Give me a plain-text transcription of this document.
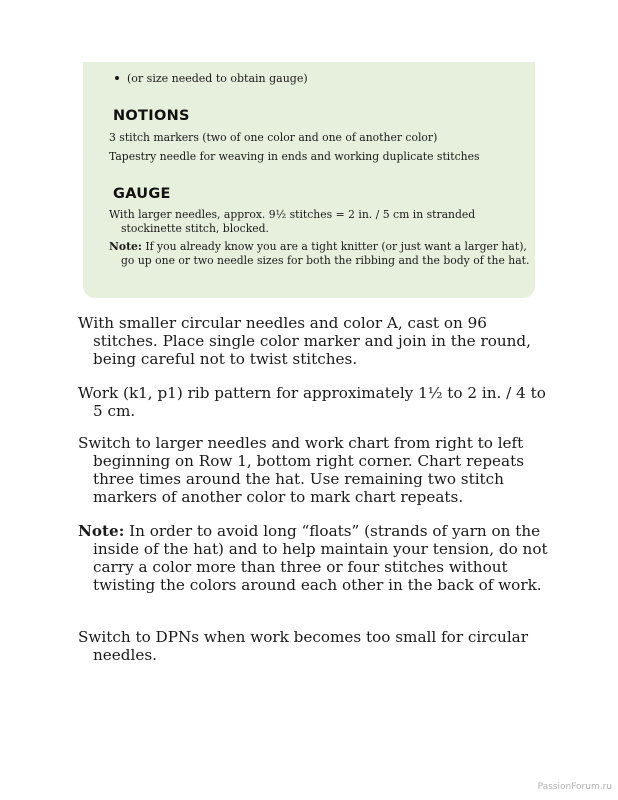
(or size needed to obtain gauge)
NOTIONS
3 stitch markers (two of one color and one of another color)
Tapestry needle for weaving in ends and working duplicate stitches
GAUGE
With larger needles, approx. 9½ stitches = 2 in. / 5 cm in stranded stockinette stitch, blocked.
Note: If you already know you are a tight knitter (or just want a larger hat), go up one or two needle sizes for both the ribbing and the body of the hat.
With smaller circular needles and color A, cast on 96 stitches. Place single color marker and join in the round, being careful not to twist stitches.
Work (k1, p1) rib pattern for approximately 1½ to 2 in. / 4 to 5 cm.
Switch to larger needles and work chart from right to left beginning on Row 1, bottom right corner. Chart repeats three times around the hat. Use remaining two stitch markers of another color to mark chart repeats.
Note: In order to avoid long “floats” (strands of yarn on the inside of the hat) and to help maintain your tension, do not carry a color more than three or four stitches without twisting the colors around each other in the back of work.
Switch to DPNs when work becomes too small for circular needles.
PassionForum.ru
